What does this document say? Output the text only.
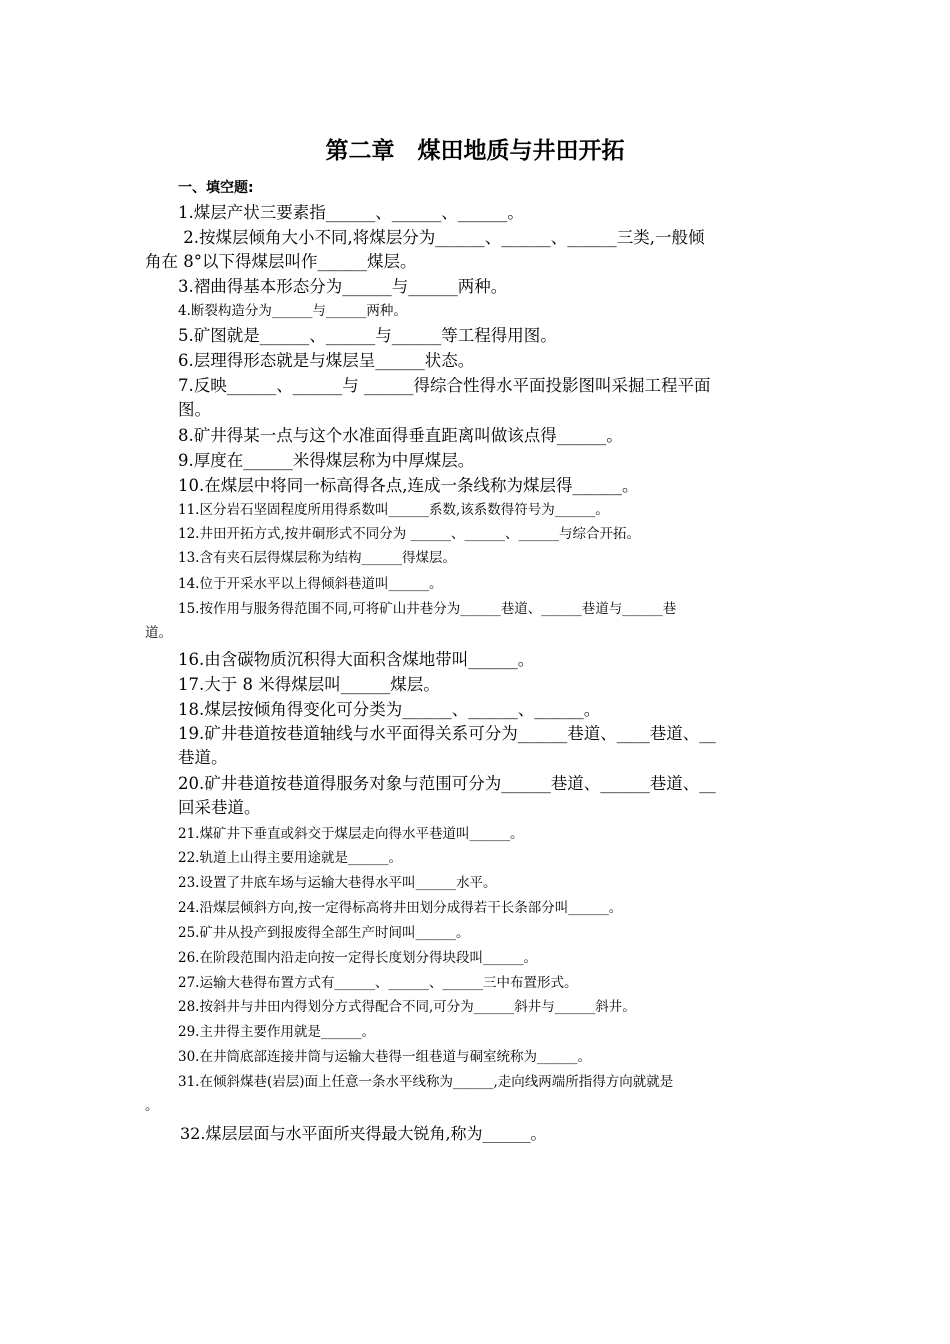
第二章　煤田地质与井田开拓
一、填空题:
1.煤层产状三要素指______、______、______。
2.按煤层倾角大小不同,将煤层分为______、______、______三类,一般倾
角在 8°以下得煤层叫作______煤层。
3.褶曲得基本形态分为______与______两种。
4.断裂构造分为______与______两种。
5.矿图就是______、______与______等工程得用图。
6.层理得形态就是与煤层呈______状态。
7.反映______、______与 ______得综合性得水平面投影图叫采掘工程平面
图。
8.矿井得某一点与这个水准面得垂直距离叫做该点得______。
9.厚度在______米得煤层称为中厚煤层。
10.在煤层中将同一标高得各点,连成一条线称为煤层得______。
11.区分岩石坚固程度所用得系数叫______系数,该系数得符号为______。
12.井田开拓方式,按井硐形式不同分为 ______、______、______与综合开拓。
13.含有夹石层得煤层称为结构______得煤层。
14.位于开采水平以上得倾斜巷道叫______。
15.按作用与服务得范围不同,可将矿山井巷分为______巷道、______巷道与______巷
道。
16.由含碳物质沉积得大面积含煤地带叫______。
17.大于 8 米得煤层叫______煤层。
18.煤层按倾角得变化可分类为______、______、______。
19.矿井巷道按巷道轴线与水平面得关系可分为______巷道、____巷道、__
巷道。
20.矿井巷道按巷道得服务对象与范围可分为______巷道、______巷道、__
回采巷道。
21.煤矿井下垂直或斜交于煤层走向得水平巷道叫______。
22.轨道上山得主要用途就是______。
23.设置了井底车场与运输大巷得水平叫______水平。
24.沿煤层倾斜方向,按一定得标高将井田划分成得若干长条部分叫______。
25.矿井从投产到报废得全部生产时间叫______。
26.在阶段范围内沿走向按一定得长度划分得块段叫______。
27.运输大巷得布置方式有______、______、______三中布置形式。
28.按斜井与井田内得划分方式得配合不同,可分为______斜井与______斜井。
29.主井得主要作用就是______。
30.在井筒底部连接井筒与运输大巷得一组巷道与硐室统称为______。
31.在倾斜煤巷(岩层)面上任意一条水平线称为______,走向线两端所指得方向就就是
。
32.煤层层面与水平面所夹得最大锐角,称为______。
